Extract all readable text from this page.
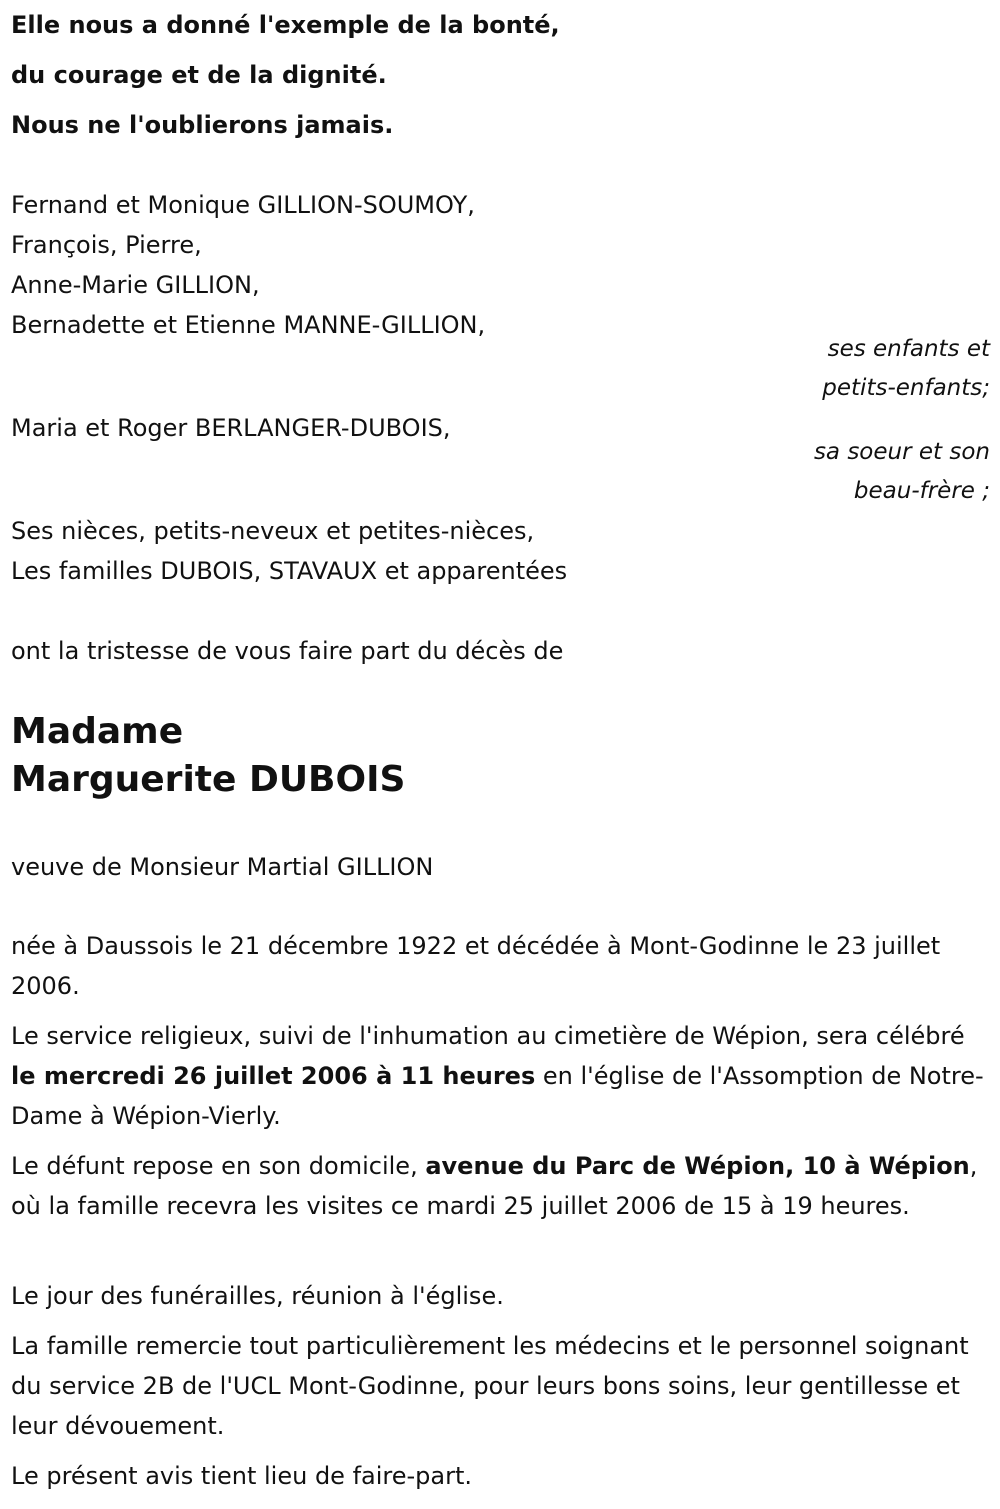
Elle nous a donné l'exemple de la bonté,
du courage et de la dignité.
Nous ne l'oublierons jamais.
Fernand et Monique GILLION-SOUMOY,
François, Pierre,
Anne-Marie GILLION,
Bernadette et Etienne MANNE-GILLION,
ses enfants et
petits-enfants;
Maria et Roger BERLANGER-DUBOIS,
sa soeur et son
beau-frère ;
Ses nièces, petits-neveux et petites-nièces,
Les familles DUBOIS, STAVAUX et apparentées
ont la tristesse de vous faire part du décès de
Madame
Marguerite DUBOIS
veuve de Monsieur Martial GILLION

née à Daussois le 21 décembre 1922 et décédée à Mont-Godinne le 23 juillet 2006.

Le service religieux, suivi de l'inhumation au cimetière de Wépion, sera célébré le mercredi 26 juillet 2006 à 11 heures en l'église de l'Assomption de Notre-Dame à Wépion-Vierly.

Le défunt repose en son domicile, avenue du Parc de Wépion, 10 à Wépion, où la famille recevra les visites ce mardi 25 juillet 2006 de 15 à 19 heures.

Le jour des funérailles, réunion à l'église.

La famille remercie tout particulièrement les médecins et le personnel soignant du service 2B de l'UCL Mont-Godinne, pour leurs bons soins, leur gentillesse et leur dévouement.

Le présent avis tient lieu de faire-part.
